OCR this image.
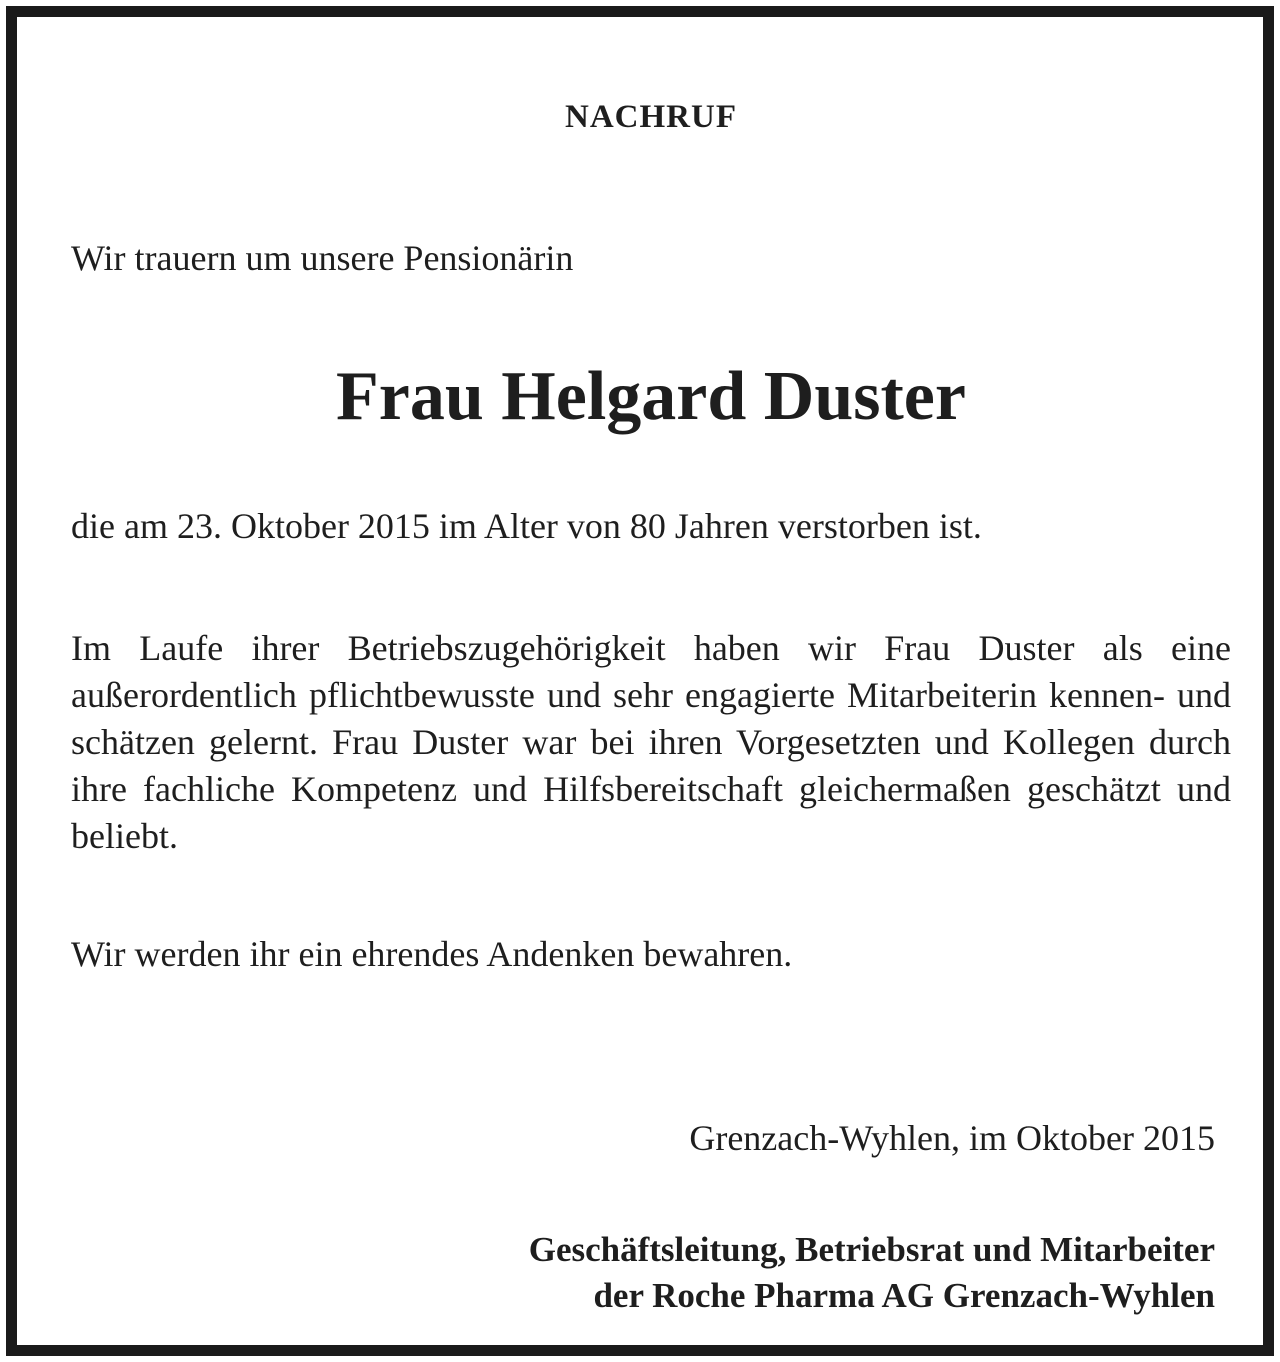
NACHRUF

Wir trauern um unsere Pensionärin

Frau Helgard Duster

die am 23. Oktober 2015 im Alter von 80 Jahren verstorben ist.

Im Laufe ihrer Betriebszugehörigkeit haben wir Frau Duster als eine außerordentlich pflichtbewusste und sehr engagierte Mitarbeiterin kennen- und schätzen gelernt. Frau Duster war bei ihren Vorgesetzten und Kollegen durch ihre fachliche Kompetenz und Hilfsbereitschaft gleichermaßen geschätzt und beliebt.

Wir werden ihr ein ehrendes Andenken bewahren.

Grenzach-Wyhlen, im Oktober 2015

Geschäftsleitung, Betriebsrat und Mitarbeiter
der Roche Pharma AG Grenzach-Wyhlen
